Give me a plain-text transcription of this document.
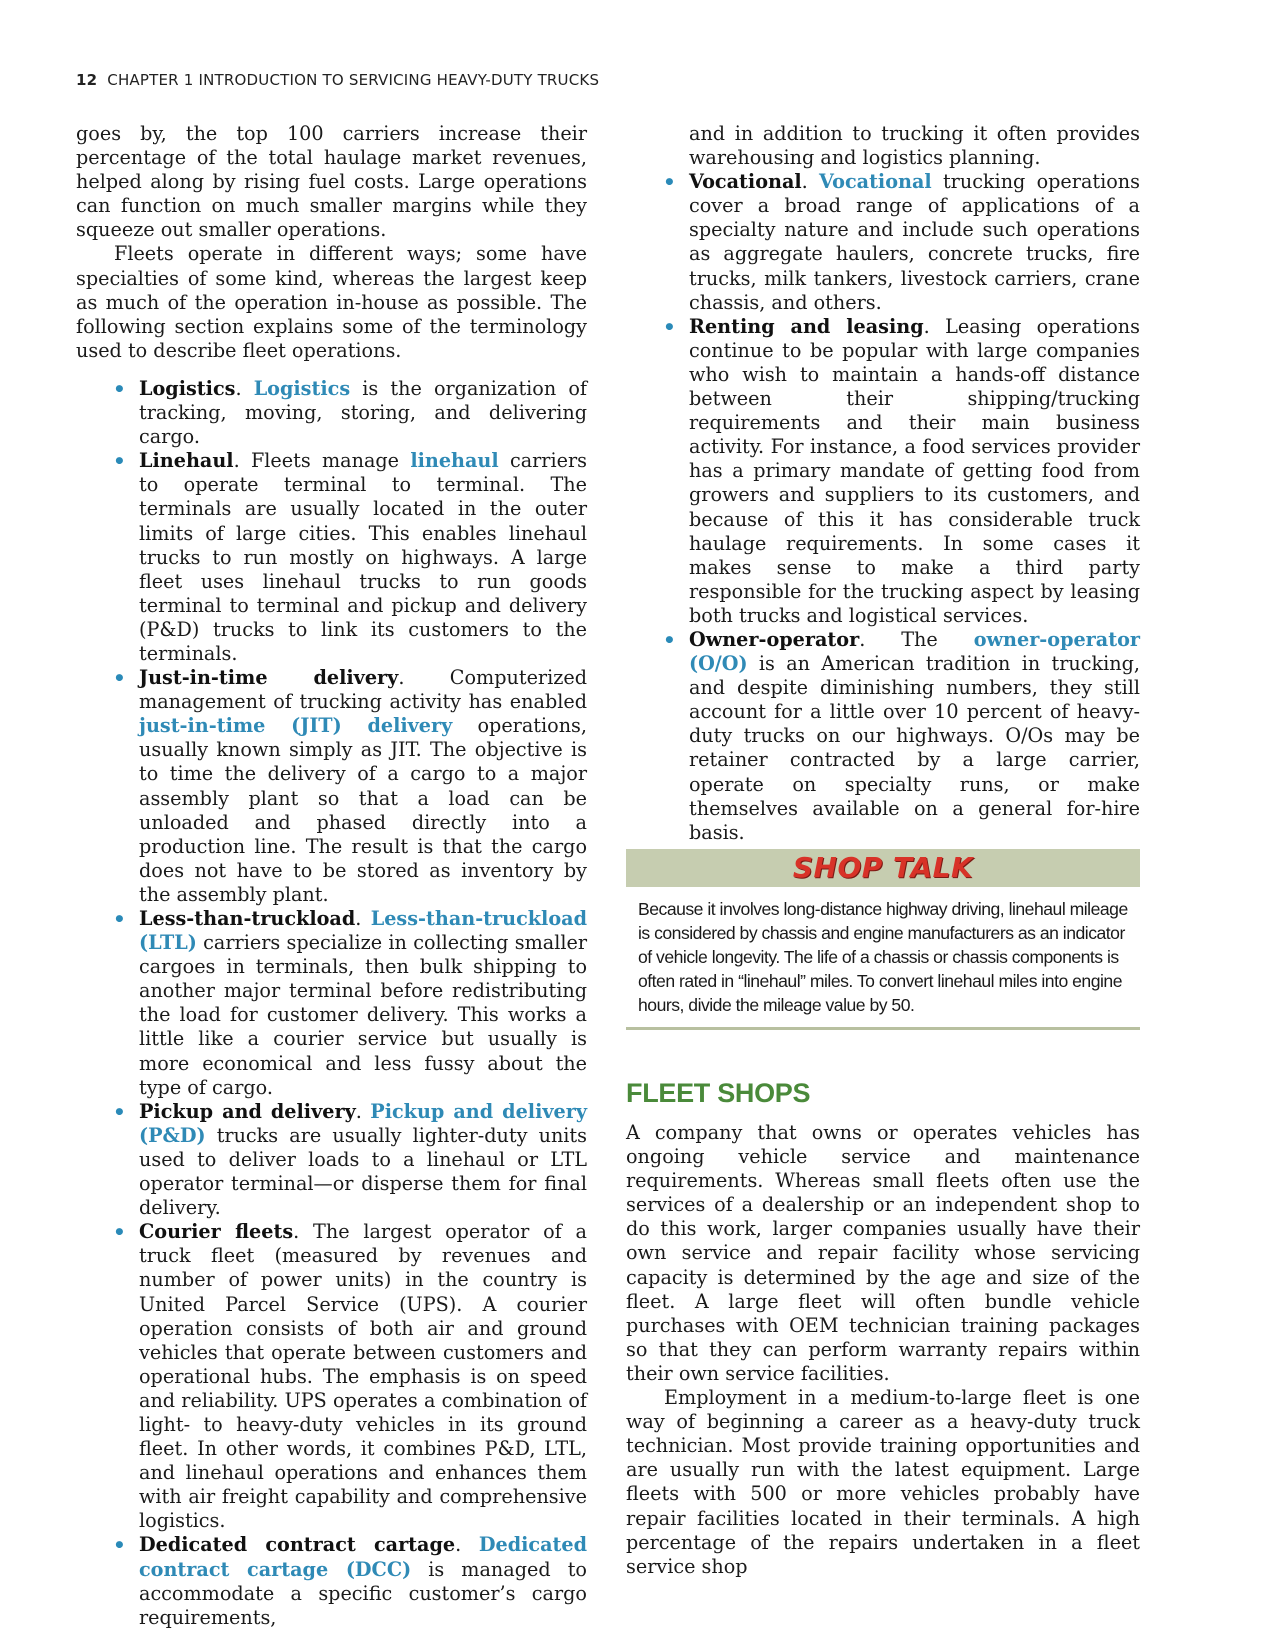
12 CHAPTER 1 INTRODUCTION TO SERVICING HEAVY-DUTY TRUCKS

goes by, the top 100 carriers increase their percentage of the total haulage market revenues, helped along by rising fuel costs. Large operations can function on much smaller margins while they squeeze out smaller operations.

Fleets operate in different ways; some have specialties of some kind, whereas the largest keep as much of the operation in-house as possible. The following section explains some of the terminology used to describe fleet operations.

• Logistics. Logistics is the organization of tracking, moving, storing, and delivering cargo.
• Linehaul. Fleets manage linehaul carriers to operate terminal to terminal. The terminals are usually located in the outer limits of large cities. This enables linehaul trucks to run mostly on highways. A large fleet uses linehaul trucks to run goods terminal to terminal and pickup and delivery (P&D) trucks to link its customers to the terminals.
• Just-in-time delivery. Computerized management of trucking activity has enabled just-in-time (JIT) delivery operations, usually known simply as JIT. The objective is to time the delivery of a cargo to a major assembly plant so that a load can be unloaded and phased directly into a production line. The result is that the cargo does not have to be stored as inventory by the assembly plant.
• Less-than-truckload. Less-than-truckload (LTL) carriers specialize in collecting smaller cargoes in terminals, then bulk shipping to another major terminal before redistributing the load for customer delivery. This works a little like a courier service but usually is more economical and less fussy about the type of cargo.
• Pickup and delivery. Pickup and delivery (P&D) trucks are usually lighter-duty units used to deliver loads to a linehaul or LTL operator terminal—or disperse them for final delivery.
• Courier fleets. The largest operator of a truck fleet (measured by revenues and number of power units) in the country is United Parcel Service (UPS). A courier operation consists of both air and ground vehicles that operate between customers and operational hubs. The emphasis is on speed and reliability. UPS operates a combination of light- to heavy-duty vehicles in its ground fleet. In other words, it combines P&D, LTL, and linehaul operations and enhances them with air freight capability and comprehensive logistics.
• Dedicated contract cartage. Dedicated contract cartage (DCC) is managed to accommodate a specific customer’s cargo requirements,

and in addition to trucking it often provides warehousing and logistics planning.

• Vocational. Vocational trucking operations cover a broad range of applications of a specialty nature and include such operations as aggregate haulers, concrete trucks, fire trucks, milk tankers, livestock carriers, crane chassis, and others.
• Renting and leasing. Leasing operations continue to be popular with large companies who wish to maintain a hands-off distance between their shipping/trucking requirements and their main business activity. For instance, a food services provider has a primary mandate of getting food from growers and suppliers to its customers, and because of this it has considerable truck haulage requirements. In some cases it makes sense to make a third party responsible for the trucking aspect by leasing both trucks and logistical services.
• Owner-operator. The owner-operator (O/O) is an American tradition in trucking, and despite diminishing numbers, they still account for a little over 10 percent of heavy-duty trucks on our highways. O/Os may be retainer contracted by a large carrier, operate on specialty runs, or make themselves available on a general for-hire basis.
SHOP TALK
Because it involves long-distance highway driving, linehaul mileage is considered by chassis and engine manufacturers as an indicator of vehicle longevity. The life of a chassis or chassis components is often rated in “linehaul” miles. To convert linehaul miles into engine hours, divide the mileage value by 50.
FLEET SHOPS

A company that owns or operates vehicles has ongoing vehicle service and maintenance requirements. Whereas small fleets often use the services of a dealership or an independent shop to do this work, larger companies usually have their own service and repair facility whose servicing capacity is determined by the age and size of the fleet. A large fleet will often bundle vehicle purchases with OEM technician training packages so that they can perform warranty repairs within their own service facilities.

Employment in a medium-to-large fleet is one way of beginning a career as a heavy-duty truck technician. Most provide training opportunities and are usually run with the latest equipment. Large fleets with 500 or more vehicles probably have repair facilities located in their terminals. A high percentage of the repairs undertaken in a fleet service shop
